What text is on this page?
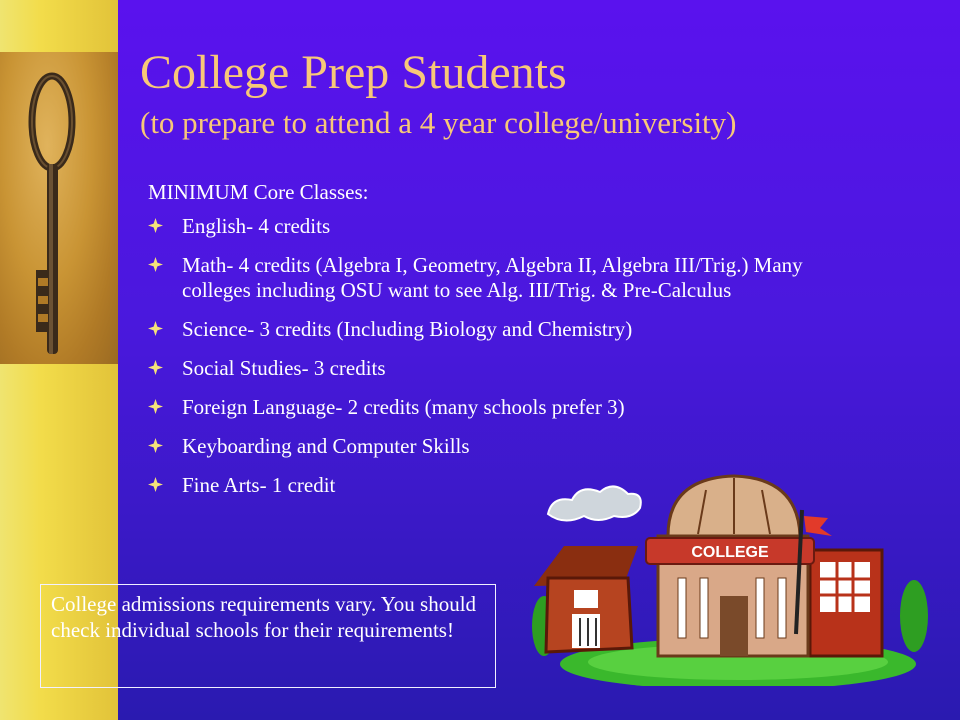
College Prep Students
(to prepare to attend a 4 year college/university)
MINIMUM Core Classes:
English- 4 credits
Math- 4 credits (Algebra I, Geometry, Algebra II, Algebra III/Trig.) Many colleges including OSU want to see Alg. III/Trig. & Pre-Calculus
Science- 3 credits (Including Biology and Chemistry)
Social Studies- 3 credits
Foreign Language- 2 credits (many schools prefer 3)
Keyboarding and Computer Skills
Fine Arts- 1 credit
COLLEGE
College admissions requirements vary. You should check individual schools for their requirements!
